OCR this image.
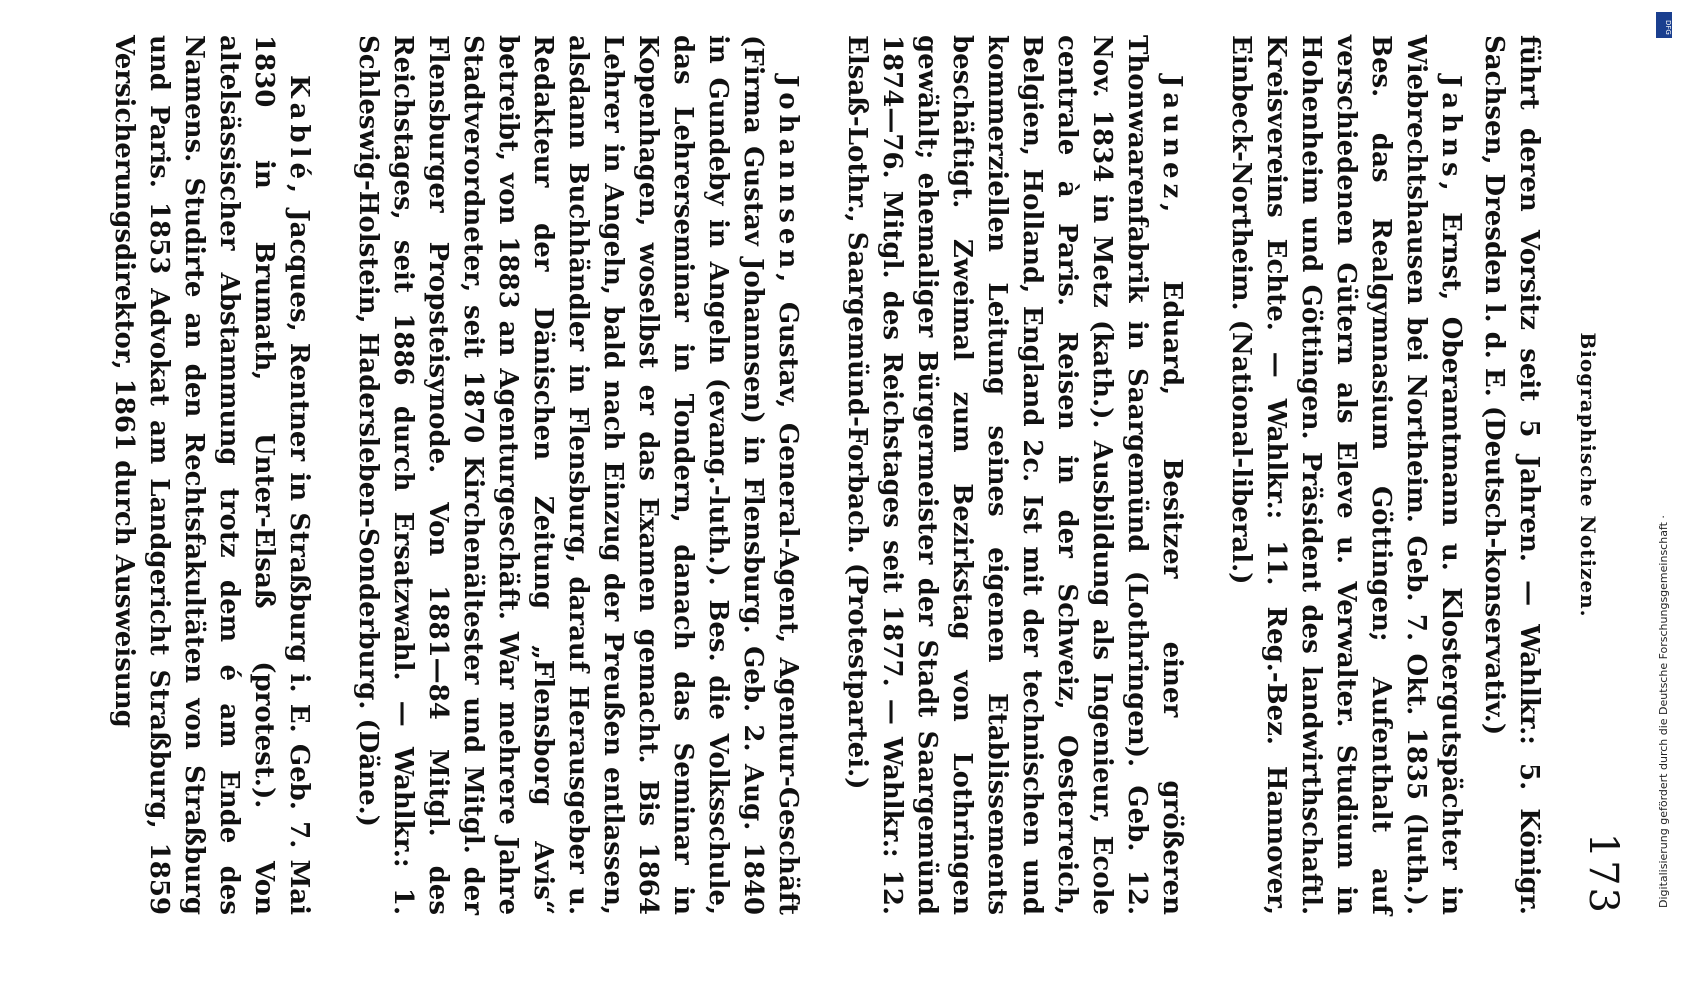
Biographische Notizen.
173

führt deren Vorsitz seit 5 Jahren. — Wahlkr.: 5. Königr. Sachsen, Dresden l. d. E. (Deutsch-konservativ.)

Jahns, Ernst, Oberamtmann u. Klostergutspächter in Wiebrechtshausen bei Northeim. Geb. 7. Okt. 1835 (luth.). Bes. das Realgymnasium Göttingen; Aufenthalt auf verschiedenen Gütern als Eleve u. Verwalter. Studium in Hohenheim und Göttingen. Präsident des landwirthschaftl. Kreisvereins Echte. — Wahlkr.: 11. Reg.-Bez. Hannover, Einbeck-Northeim. (National-liberal.)

Jaunez, Eduard, Besitzer einer größeren Thonwaarenfabrik in Saargemünd (Lothringen). Geb. 12. Nov. 1834 in Metz (kath.). Ausbildung als Ingenieur, Ecole centrale à Paris. Reisen in der Schweiz, Oesterreich, Belgien, Holland, England 2c. Ist mit der technischen und kommerziellen Leitung seines eigenen Etablissements beschäftigt. Zweimal zum Bezirkstag von Lothringen gewählt; ehemaliger Bürgermeister der Stadt Saargemünd 1874—76. Mitgl. des Reichstages seit 1877. — Wahlkr.: 12. Elsaß-Lothr., Saargemünd-Forbach. (Protestpartei.)

Johannsen, Gustav, General-Agent, Agentur-Geschäft (Firma Gustav Johannsen) in Flensburg. Geb. 2. Aug. 1840 in Gundeby in Angeln (evang.-luth.). Bes. die Volksschule, das Lehrerseminar in Tondern, danach das Seminar in Kopenhagen, woselbst er das Examen gemacht. Bis 1864 Lehrer in Angeln, bald nach Einzug der Preußen entlassen, alsdann Buchhändler in Flensburg, darauf Herausgeber u. Redakteur der Dänischen Zeitung „Flensborg Avis“ betreibt, von 1883 an Agenturgeschäft. War mehrere Jahre Stadtverordneter, seit 1870 Kirchenältester und Mitgl. der Flensburger Propsteisynode. Von 1881—84 Mitgl. des Reichstages, seit 1886 durch Ersatzwahl. — Wahlkr.: 1. Schleswig-Holstein, Hadersleben-Sonderburg. (Däne.)

Kablé, Jacques, Rentner in Straßburg i. E. Geb. 7. Mai 1830 in Brumath, Unter-Elsaß (protest.). Von altelsässischer Abstammung trotz dem é am Ende des Namens. Studirte an den Rechtsfakultäten von Straßburg und Paris. 1853 Advokat am Landgericht Straßburg, 1859 Versicherungsdirektor, 1861 durch Ausweisung	Digitalisierung gefördert durch die Deutsche Forschungsgemeinschaft ·
DFG
